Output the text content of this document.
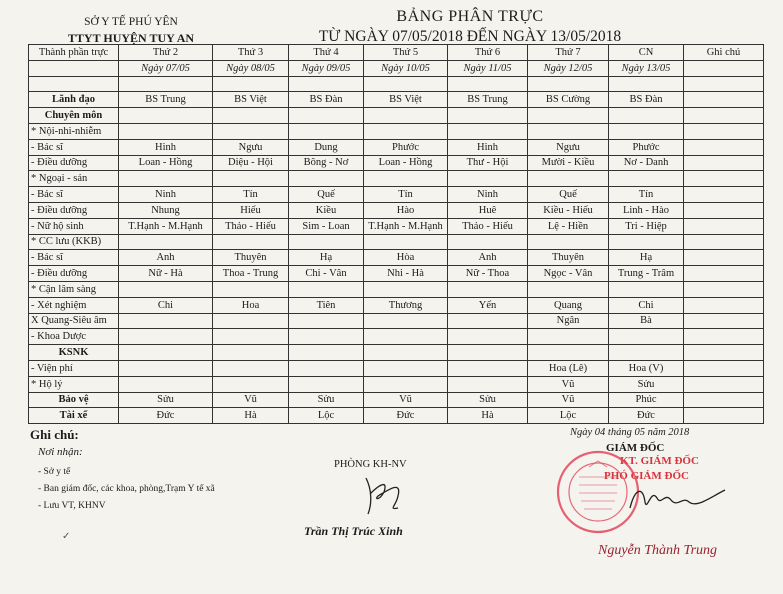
SỞ Y TẾ PHÚ YÊN
TTYT HUYỆN TUY AN
BẢNG PHÂN TRỰC
TỪ NGÀY 07/05/2018 ĐẾN NGÀY 13/05/2018
Thành phần trực	Thứ 2	Thứ 3	Thứ 4	Thứ 5	Thứ 6	Thứ 7	CN	Ghi chú
	Ngày 07/05	Ngày 08/05	Ngày 09/05	Ngày 10/05	Ngày 11/05	Ngày 12/05	Ngày 13/05	

Lãnh đạo	BS Trung	BS Việt	BS Đàn	BS Việt	BS Trung	BS Cường	BS Đàn	
Chuyên môn								
* Nội-nhi-nhiễm								
- Bác sĩ	Hinh	Ngưu	Dung	Phước	Hinh	Ngưu	Phước	
- Điều dưỡng	Loan - Hồng	Diệu - Hội	Bông - Nơ	Loan - Hồng	Thư - Hội	Mười - Kiều	Nơ - Danh	
* Ngoại - sản								
- Bác sĩ	Ninh	Tín	Quế	Tín	Ninh	Quế	Tín	
- Điều dưỡng	Nhung	Hiếu	Kiều	Hào	Huê	Kiều - Hiếu	Linh - Hào	
- Nữ hộ sinh	T.Hạnh - M.Hạnh	Thảo - Hiếu	Sim - Loan	T.Hạnh - M.Hạnh	Thảo - Hiếu	Lệ - Hiền	Tri - Hiệp	
* CC lưu (KKB)								
- Bác sĩ	Anh	Thuyên	Hạ	Hòa	Anh	Thuyên	Hạ	
- Điều dưỡng	Nữ - Hà	Thoa - Trung	Chi - Vân	Nhi - Hà	Nữ - Thoa	Ngọc - Vân	Trung - Trâm	
* Cận lâm sàng								
- Xét nghiệm	Chi	Hoa	Tiên	Thương	Yến	Quang	Chi	
X Quang-Siêu âm						Ngân	Bà	
- Khoa Dược								
KSNK								
- Viện phí						Hoa (Lê)	Hoa (V)	
* Hộ lý						Vũ	Sửu	
Bảo vệ	Sửu	Vũ	Sửu	Vũ	Sửu	Vũ	Phúc	
Tài xế	Đức	Hà	Lộc	Đức	Hà	Lộc	Đức	
Ghi chú:
Nơi nhận:
- Sở y tế
- Ban giám đốc, các khoa, phòng,Trạm Y tế xã
- Lưu VT, KHNV
✓
PHÒNG KH-NV
Trần Thị Trúc Xinh
Ngày 04 tháng 05 năm 2018
GIÁM ĐỐC
KT. GIÁM ĐỐC
PHÓ GIÁM ĐỐC
Nguyễn Thành Trung
